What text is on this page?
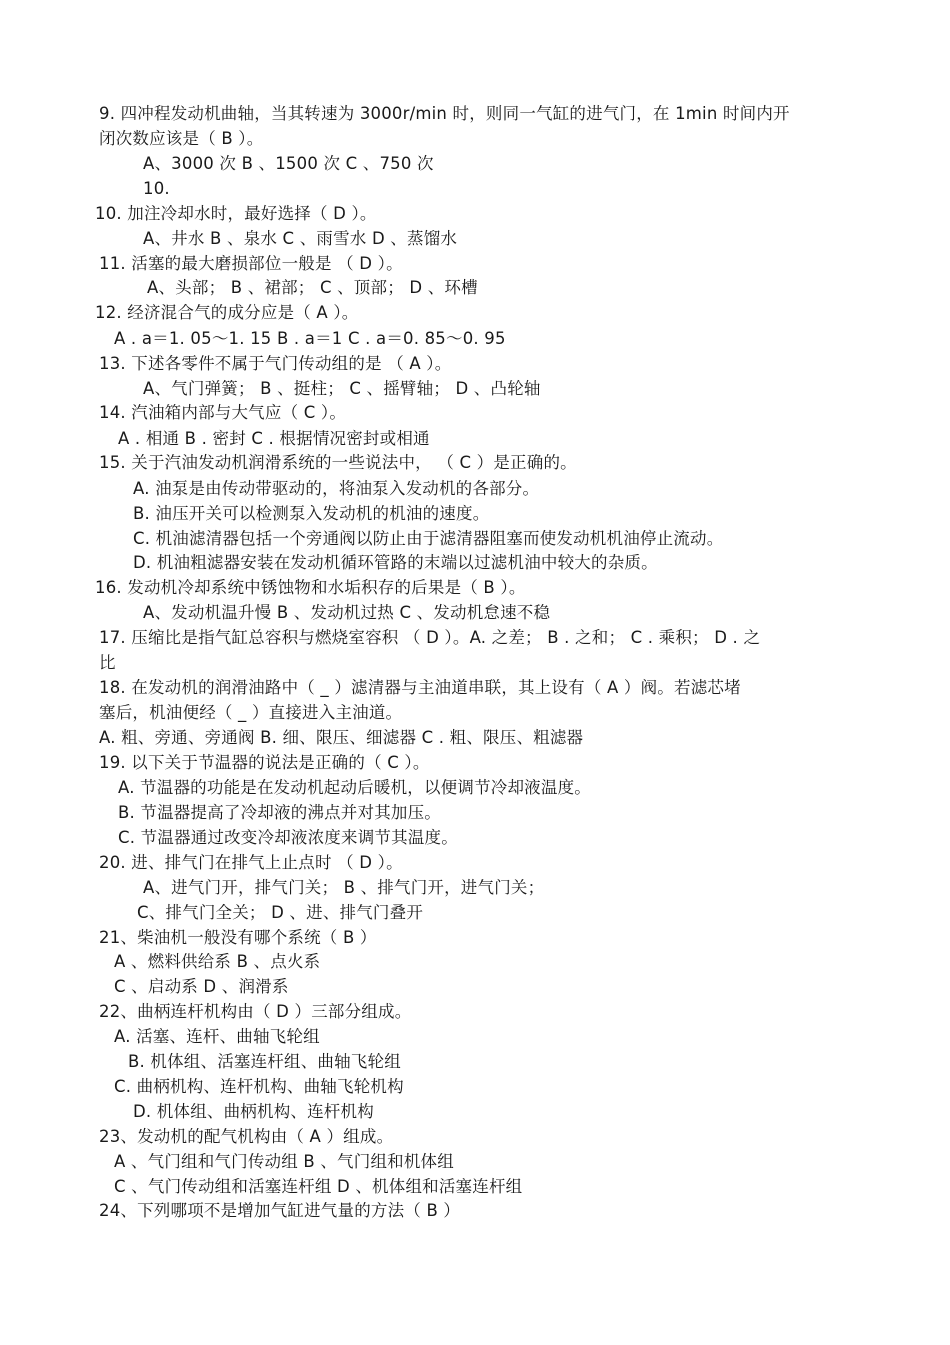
9. 四冲程发动机曲轴，当其转速为 3000r/min 时，则同一气缸的进气门，在 1min 时间内开
闭次数应该是（ B ）。
A、3000 次 B 、1500 次 C 、750 次
10.
10. 加注冷却水时，最好选择（ D ）。
A、井水 B 、泉水 C 、雨雪水 D 、蒸馏水
11. 活塞的最大磨损部位一般是 （ D ）。
A、头部； B 、裙部； C 、顶部； D 、环槽
12. 经济混合气的成分应是（ A ）。
A . a＝1. 05～1. 15 B . a＝1 C . a＝0. 85～0. 95
13. 下述各零件不属于气门传动组的是 （ A ）。
A、气门弹簧； B 、挺柱； C 、摇臂轴； D 、凸轮轴
14. 汽油箱内部与大气应（ C ）。
A . 相通 B . 密封 C . 根据情况密封或相通
15. 关于汽油发动机润滑系统的一些说法中， （ C ）是正确的。
A. 油泵是由传动带驱动的，将油泵入发动机的各部分。
B. 油压开关可以检测泵入发动机的机油的速度。
C. 机油滤清器包括一个旁通阀以防止由于滤清器阻塞而使发动机机油停止流动。
D. 机油粗滤器安装在发动机循环管路的末端以过滤机油中较大的杂质。
16. 发动机冷却系统中锈蚀物和水垢积存的后果是（ B ）。
A、发动机温升慢 B 、发动机过热 C 、发动机怠速不稳
17. 压缩比是指气缸总容积与燃烧室容积 （ D ）。A. 之差； B . 之和； C . 乘积； D . 之
比
18. 在发动机的润滑油路中（ _ ）滤清器与主油道串联，其上设有（ A ）阀。若滤芯堵
塞后，机油便经（ _ ）直接进入主油道。
A. 粗、旁通、旁通阀 B. 细、限压、细滤器 C . 粗、限压、粗滤器
19. 以下关于节温器的说法是正确的（ C ）。
A. 节温器的功能是在发动机起动后暖机，以便调节冷却液温度。
B. 节温器提高了冷却液的沸点并对其加压。
C. 节温器通过改变冷却液浓度来调节其温度。
20. 进、排气门在排气上止点时 （ D ）。
A、进气门开，排气门关； B 、排气门开，进气门关；
C、排气门全关； D 、进、排气门叠开
21、柴油机一般没有哪个系统（ B ）
A 、燃料供给系 B 、点火系
C 、启动系 D 、润滑系
22、曲柄连杆机构由（ D ）三部分组成。
A. 活塞、连杆、曲轴飞轮组
B. 机体组、活塞连杆组、曲轴飞轮组
C. 曲柄机构、连杆机构、曲轴飞轮机构
D. 机体组、曲柄机构、连杆机构
23、发动机的配气机构由（ A ）组成。
A 、气门组和气门传动组 B 、气门组和机体组
C 、气门传动组和活塞连杆组 D 、机体组和活塞连杆组
24、下列哪项不是增加气缸进气量的方法（ B ）
